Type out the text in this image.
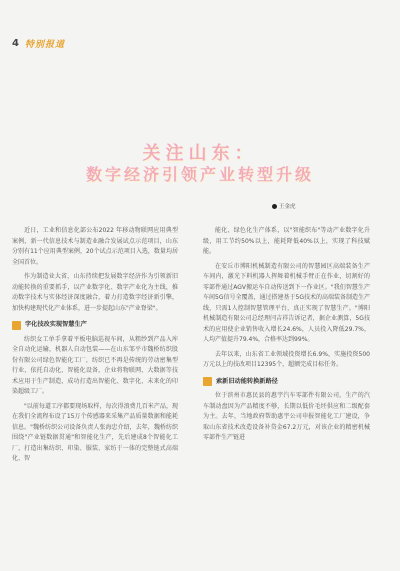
4 特别报道
关注山东：
数字经济引领产业转型升级
王金虎

近日，工业和信息化部公布2022 年移动物联网应用典型案例，新一代信息技术与制造业融合发展试点示范项目，山东分别有11个应用典型案例，20个试点示范项目入选，数量均居全国首位。

作为制造业大省，山东持续把发展数字经济作为引领新旧动能转换的重要抓手，以产业数字化、数字产业化为主线，推动数字技术与实体经济深度融合，着力打造数字经济新引擎，加快构建现代化产业体系，进一步提起山东"产业脊梁"。

字化技改实现智慧生产

纺织女工单手拿着平板电脑巡视车间，从粗纱到产品入库全自动化运输，机器人自动包装——在山东邹平市魏桥纺织股份有限公司绿色智能化工厂，纺织已不再是传统的劳动密集型行业，依托自动化、智能化设备，企业将物联网、大数据等技术应用于生产制造，成功打造出智能化、数字化、未来化的印染超级工厂。

"以前每道工序都要现场取样，每次得浪费几百米产品，现在我们全流程布设了15万个传感器来采集产品质量数据和能耗信息。"魏桥纺织公司设备负责人张海忠介绍，去年，魏桥纺织围绕"产业链数据贯通"和智能化生产，先后建成8个智能化工厂，打造出集纺织、印染、服装、家纺于一体的完整链式高端化、智

能化、绿色化生产体系，以"智能织布"等动产业数字化升级，用工节约50%以上，能耗降低40%以上，实现了科技赋能。

在安丘市博阳机械制造有限公司的智慧园区高端装备生产车间内，激光下料机器人挥舞着机械手臂正在作业，切割好的零部件通过AGV搬运车自动传送到下一作业区。"我们智慧生产车间5G信号全覆盖，通过搭建基于5G技术的高端装备制造生产线，只需1人控制智慧管理平台，真正实现了智慧生产。"博阳机械制造有限公司总经理闫吉祥告诉记者，据企业测算，5G技术的应用使企业销售收入增长24.6%，人员投入降低29.7%，人均产值提升79.4%，合格率达到99%。

去年以来，山东省工业领域投资增长6.9%，实施投资500万元以上的技改项目12395个，超额完成目标任务。

索新旧动能转换新路径

位于滨州市惠民县的惠宇汽车零部件有限公司，生产的汽车制动盘因为产品精度不够，长期以低价毛坯供应和二级配套为主。去年，当地政府帮助惠宇公司申报智能化工厂建设，争取山东省技术改造设备补贷金67.2万元，对该企业的精密机械零部件生产链进
